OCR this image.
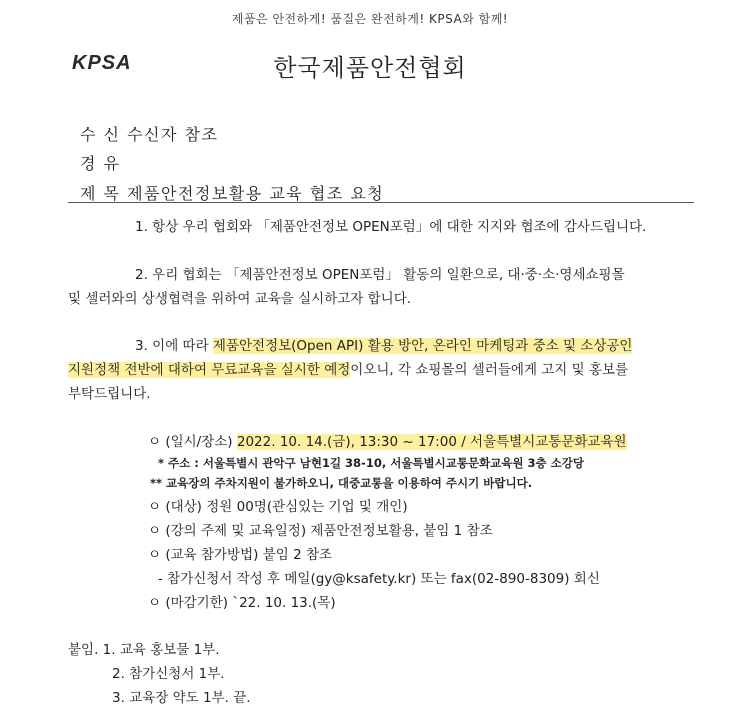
제품은 안전하게! 품질은 완전하게! KPSA와 함께!
KPSA	한국제품안전협회
수 신 수신자 참조
경 유
제 목 제품안전정보활용 교육 협조 요청
1. 항상 우리 협회와 「제품안전정보 OPEN포럼」에 대한 지지와 협조에 감사드립니다.
2. 우리 협회는 「제품안전정보 OPEN포럼」 활동의 일환으로, 대·중·소·영세쇼핑몰
및 셀러와의 상생협력을 위하여 교육을 실시하고자 합니다.
3. 이에 따라 제품안전정보(Open API) 활용 방안, 온라인 마케팅과 중소 및 소상공인
지원정책 전반에 대하여 무료교육을 실시한 예정이오니, 각 쇼핑몰의 셀러들에게 고지 및 홍보를
부탁드립니다.
ㅇ (일시/장소) 2022. 10. 14.(금), 13:30 ~ 17:00 / 서울특별시교통문화교육원
* 주소 : 서울특별시 관악구 남현1길 38-10, 서울특별시교통문화교육원 3층 소강당
** 교육장의 주차지원이 불가하오니, 대중교통을 이용하여 주시기 바랍니다.
ㅇ (대상) 정원 00명(관심있는 기업 및 개인)
ㅇ (강의 주제 및 교육일정) 제품안전정보활용, 붙임 1 참조
ㅇ (교육 참가방법) 붙임 2 참조
- 참가신청서 작성 후 메일(gy@ksafety.kr) 또는 fax(02-890-8309) 회신
ㅇ (마감기한) `22. 10. 13.(목)
붙임. 1. 교육 홍보물 1부.
2. 참가신청서 1부.
3. 교육장 약도 1부. 끝.
